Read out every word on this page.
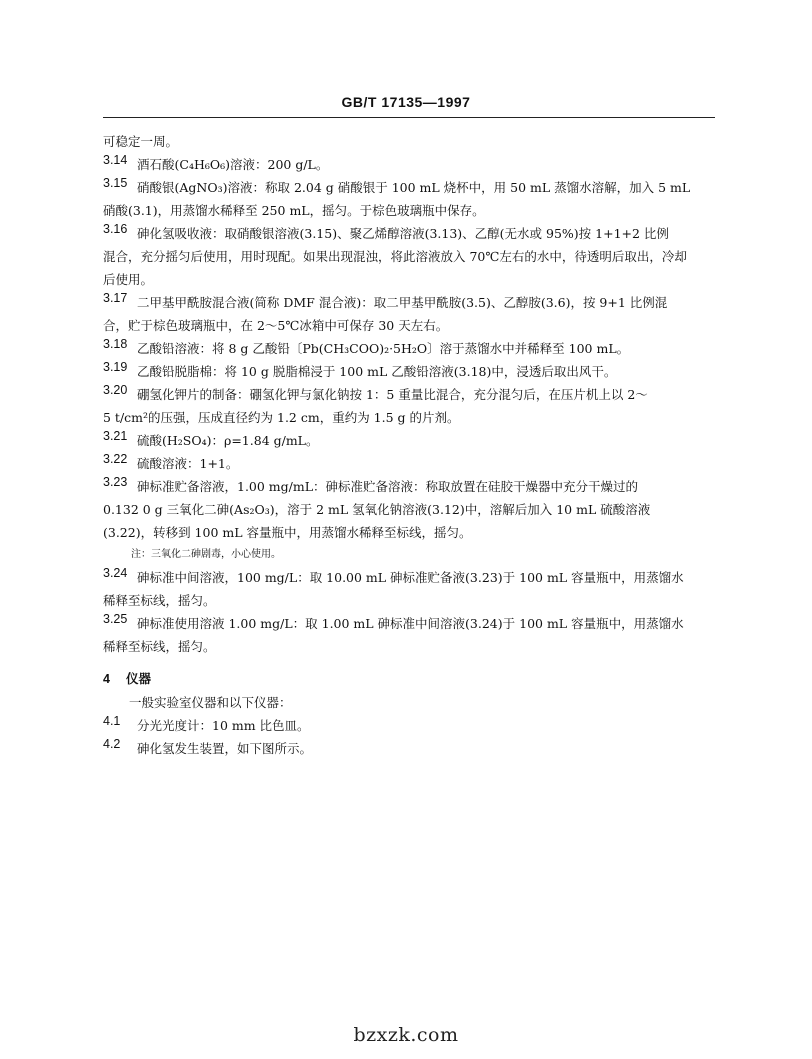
GB/T 17135—1997
可稳定一周。
3.14 酒石酸(C₄H₆O₆)溶液：200 g/L。
3.15 硝酸银(AgNO₃)溶液：称取 2.04 g 硝酸银于 100 mL 烧杯中，用 50 mL 蒸馏水溶解，加入 5 mL
硝酸(3.1)，用蒸馏水稀释至 250 mL，摇匀。于棕色玻璃瓶中保存。
3.16 砷化氢吸收液：取硝酸银溶液(3.15)、聚乙烯醇溶液(3.13)、乙醇(无水或 95%)按 1+1+2 比例
混合，充分摇匀后使用，用时现配。如果出现混浊，将此溶液放入 70℃左右的水中，待透明后取出，冷却
后使用。
3.17 二甲基甲酰胺混合液(简称 DMF 混合液)：取二甲基甲酰胺(3.5)、乙醇胺(3.6)，按 9+1 比例混
合，贮于棕色玻璃瓶中，在 2～5℃冰箱中可保存 30 天左右。
3.18 乙酸铅溶液：将 8 g 乙酸铅〔Pb(CH₃COO)₂·5H₂O〕溶于蒸馏水中并稀释至 100 mL。
3.19 乙酸铅脱脂棉：将 10 g 脱脂棉浸于 100 mL 乙酸铅溶液(3.18)中，浸透后取出风干。
3.20 硼氢化钾片的制备：硼氢化钾与氯化钠按 1：5 重量比混合，充分混匀后，在压片机上以 2～
5 t/cm²的压强，压成直径约为 1.2 cm，重约为 1.5 g 的片剂。
3.21 硫酸(H₂SO₄)：ρ=1.84 g/mL。
3.22 硫酸溶液：1+1。
3.23 砷标准贮备溶液，1.00 mg/mL：砷标准贮备溶液：称取放置在硅胶干燥器中充分干燥过的
0.132 0 g 三氧化二砷(As₂O₃)，溶于 2 mL 氢氧化钠溶液(3.12)中，溶解后加入 10 mL 硫酸溶液
(3.22)，转移到 100 mL 容量瓶中，用蒸馏水稀释至标线，摇匀。
注：三氧化二砷剧毒，小心使用。
3.24 砷标准中间溶液，100 mg/L：取 10.00 mL 砷标准贮备液(3.23)于 100 mL 容量瓶中，用蒸馏水
稀释至标线，摇匀。
3.25 砷标准使用溶液 1.00 mg/L：取 1.00 mL 砷标准中间溶液(3.24)于 100 mL 容量瓶中，用蒸馏水
稀释至标线，摇匀。
4 仪器
一般实验室仪器和以下仪器：
4.1	分光光度计：10 mm 比色皿。
4.2	砷化氢发生装置，如下图所示。
bzxzk.com
